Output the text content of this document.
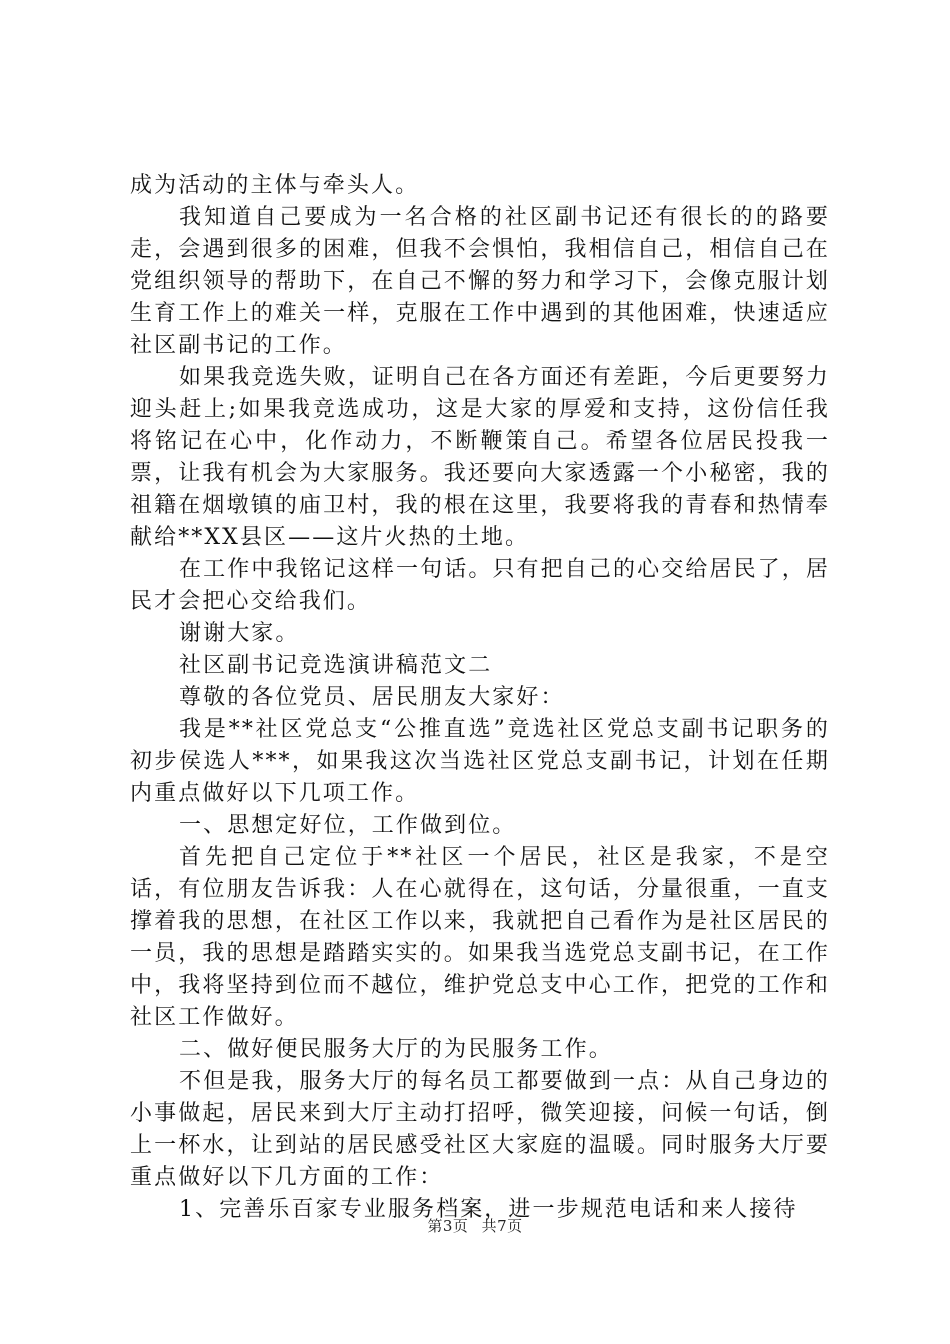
成为活动的主体与牵头人。

我知道自己要成为一名合格的社区副书记还有很长的的路要走，会遇到很多的困难，但我不会惧怕，我相信自己，相信自己在党组织领导的帮助下，在自己不懈的努力和学习下，会像克服计划生育工作上的难关一样，克服在工作中遇到的其他困难，快速适应社区副书记的工作。

如果我竞选失败，证明自己在各方面还有差距，今后更要努力迎头赶上;如果我竞选成功，这是大家的厚爱和支持，这份信任我将铭记在心中，化作动力，不断鞭策自己。希望各位居民投我一票，让我有机会为大家服务。我还要向大家透露一个小秘密，我的祖籍在烟墩镇的庙卫村，我的根在这里，我要将我的青春和热情奉献给**XX县区——这片火热的土地。

在工作中我铭记这样一句话。只有把自己的心交给居民了，居民才会把心交给我们。

谢谢大家。

社区副书记竞选演讲稿范文二

尊敬的各位党员、居民朋友大家好：

我是**社区党总支“公推直选”竞选社区党总支副书记职务的初步侯选人***，如果我这次当选社区党总支副书记，计划在任期内重点做好以下几项工作。

一、思想定好位，工作做到位。

首先把自己定位于**社区一个居民，社区是我家，不是空话，有位朋友告诉我：人在心就得在，这句话，分量很重，一直支撑着我的思想，在社区工作以来，我就把自己看作为是社区居民的一员，我的思想是踏踏实实的。如果我当选党总支副书记，在工作中，我将坚持到位而不越位，维护党总支中心工作，把党的工作和社区工作做好。

二、做好便民服务大厅的为民服务工作。

不但是我，服务大厅的每名员工都要做到一点：从自己身边的小事做起，居民来到大厅主动打招呼，微笑迎接，问候一句话，倒上一杯水，让到站的居民感受社区大家庭的温暖。同时服务大厅要重点做好以下几方面的工作：

1、完善乐百家专业服务档案，进一步规范电话和来人接待

第3页 共7页
